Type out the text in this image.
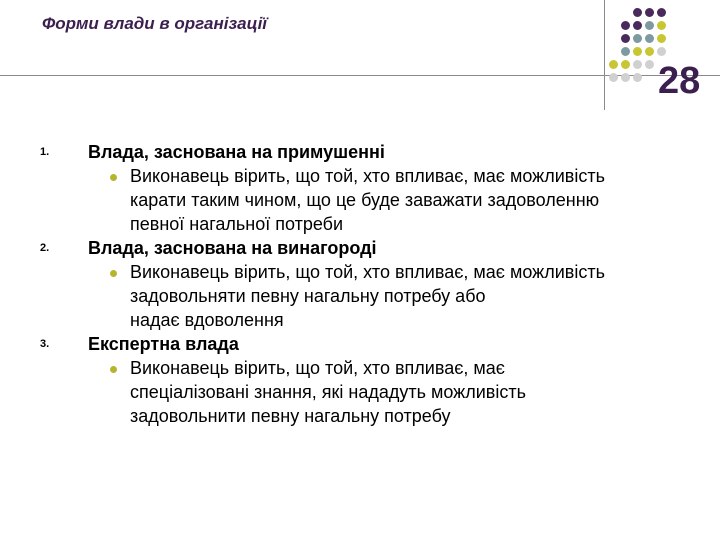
Форми влади в організації
28
1. Влада, заснована на примушенні
Виконавець вірить, що той, хто впливає, має можливість
карати таким чином, що це буде заважати задоволенню
певної нагальної потреби
2. Влада, заснована на винагороді
Виконавець вірить, що той, хто впливає, має можливість
задовольняти певну нагальну потребу або
надає вдоволення
3. Експертна влада
Виконавець вірить, що той, хто впливає, має
спеціалізовані знання, які нададуть можливість
задовольнити певну нагальну потребу
